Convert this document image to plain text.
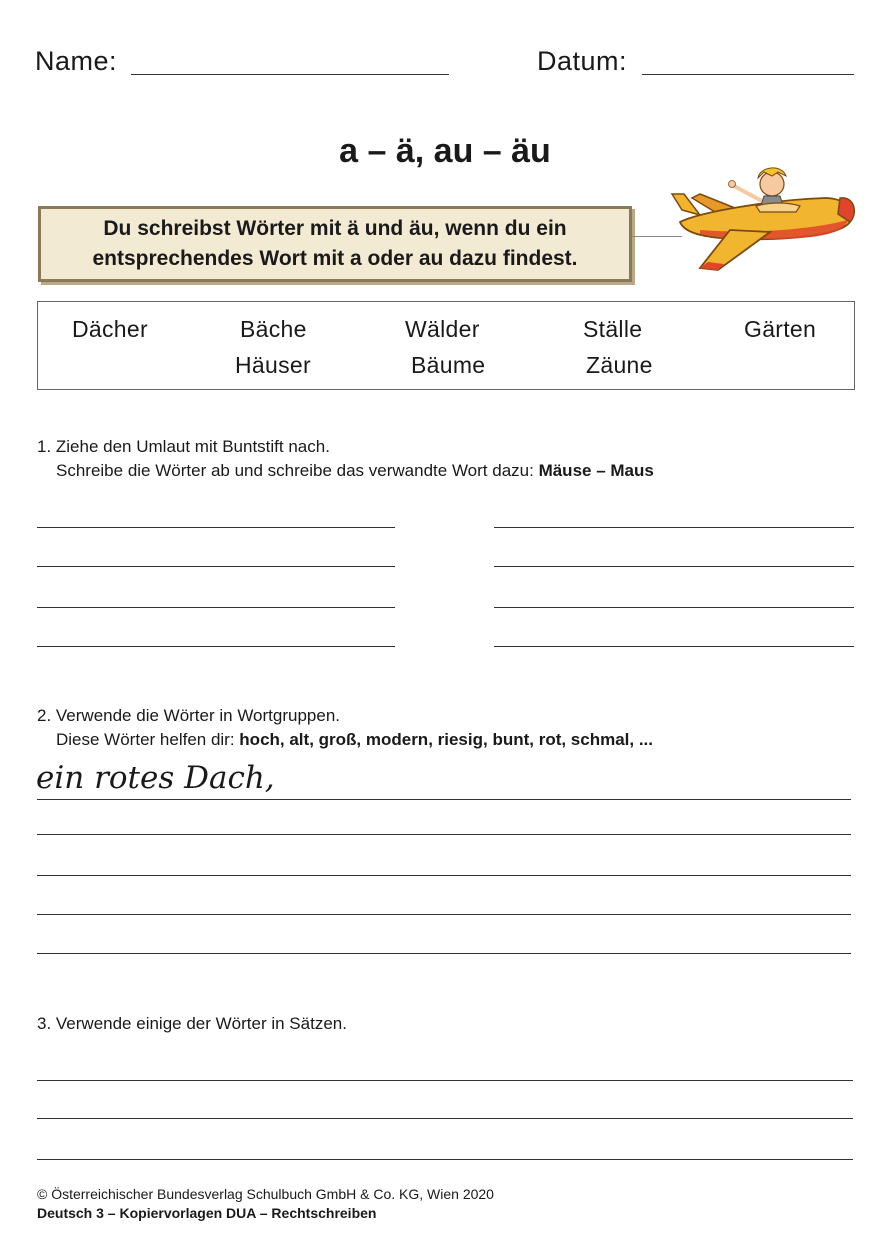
Name:	Datum:
a – ä, au – äu
Du schreibst Wörter mit ä und äu, wenn du ein
entsprechendes Wort mit a oder au dazu findest.
Dächer	Bäche	Wälder	Ställe	Gärten
Häuser	Bäume	Zäune
1. Ziehe den Umlaut mit Buntstift nach.
Schreibe die Wörter ab und schreibe das verwandte Wort dazu: Mäuse – Maus
2. Verwende die Wörter in Wortgruppen.
Diese Wörter helfen dir: hoch, alt, groß, modern, riesig, bunt, rot, schmal, ...
ein rotes Dach,
3. Verwende einige der Wörter in Sätzen.
© Österreichischer Bundesverlag Schulbuch GmbH & Co. KG, Wien 2020
Deutsch 3 – Kopiervorlagen DUA – Rechtschreiben
